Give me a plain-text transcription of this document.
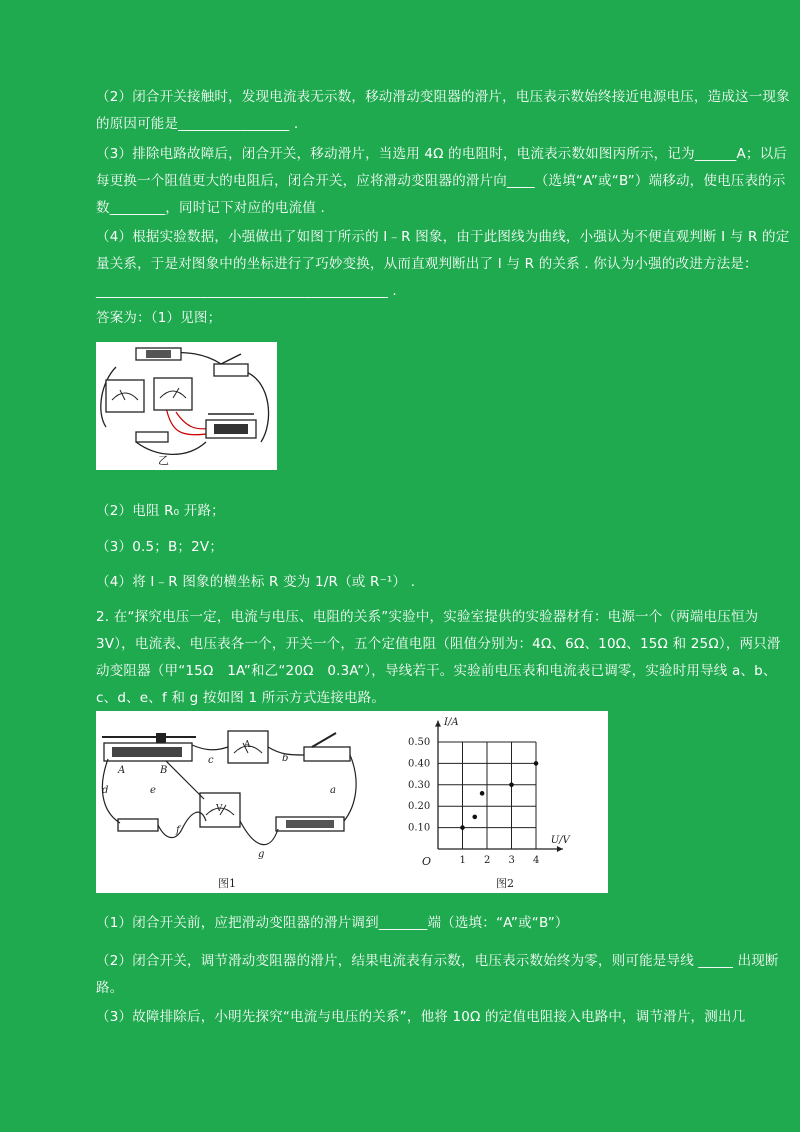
（2）闭合开关接触时，发现电流表无示数，移动滑动变阻器的滑片，电压表示数始终接近电源电压，造成这一现象的原因可能是________________ .
（3）排除电路故障后，闭合开关，移动滑片，当选用 4Ω 的电阻时，电流表示数如图丙所示，记为______A；以后每更换一个阻值更大的电阻后，闭合开关，应将滑动变阻器的滑片向____（选填“A”或“B”）端移动，使电压表的示数________，同时记下对应的电流值 .
（4）根据实验数据，小强做出了如图丁所示的 I﹣R 图象，由于此图线为曲线，小强认为不便直观判断 I 与 R 的定量关系，于是对图象中的坐标进行了巧妙变换，从而直观判断出了 I 与 R 的关系 . 你认为小强的改进方法是：__________________________________________ .
答案为：（1）见图；
乙
（2）电阻 R₀ 开路；
（3）0.5；B；2V；
（4）将 I﹣R 图象的横坐标 R 变为 1/R（或 R⁻¹） .
2. 在“探究电压一定，电流与电压、电阻的关系”实验中，实验室提供的实验器材有：电源一个（两端电压恒为 3V），电流表、电压表各一个，开关一个，五个定值电阻（阻值分别为：4Ω、6Ω、10Ω、15Ω 和 25Ω），两只滑动变阻器（甲“15Ω　1A”和乙“20Ω　0.3A”），导线若干。实验前电压表和电流表已调零，实验时用导线 a、b、c、d、e、f 和 g 按如图 1 所示方式连接电路。
A	B
c	b
d	e
f
a
g
A
V
图1
1 2 3 4
0.10
0.20
0.30
0.40
0.50
O
U/V
I/A
图2
（1）闭合开关前，应把滑动变阻器的滑片调到_______端（选填：“A”或“B”）
（2）闭合开关，调节滑动变阻器的滑片，结果电流表有示数，电压表示数始终为零，则可能是导线 _____ 出现断路。
（3）故障排除后，小明先探究“电流与电压的关系”，他将 10Ω 的定值电阻接入电路中，调节滑片，测出几
